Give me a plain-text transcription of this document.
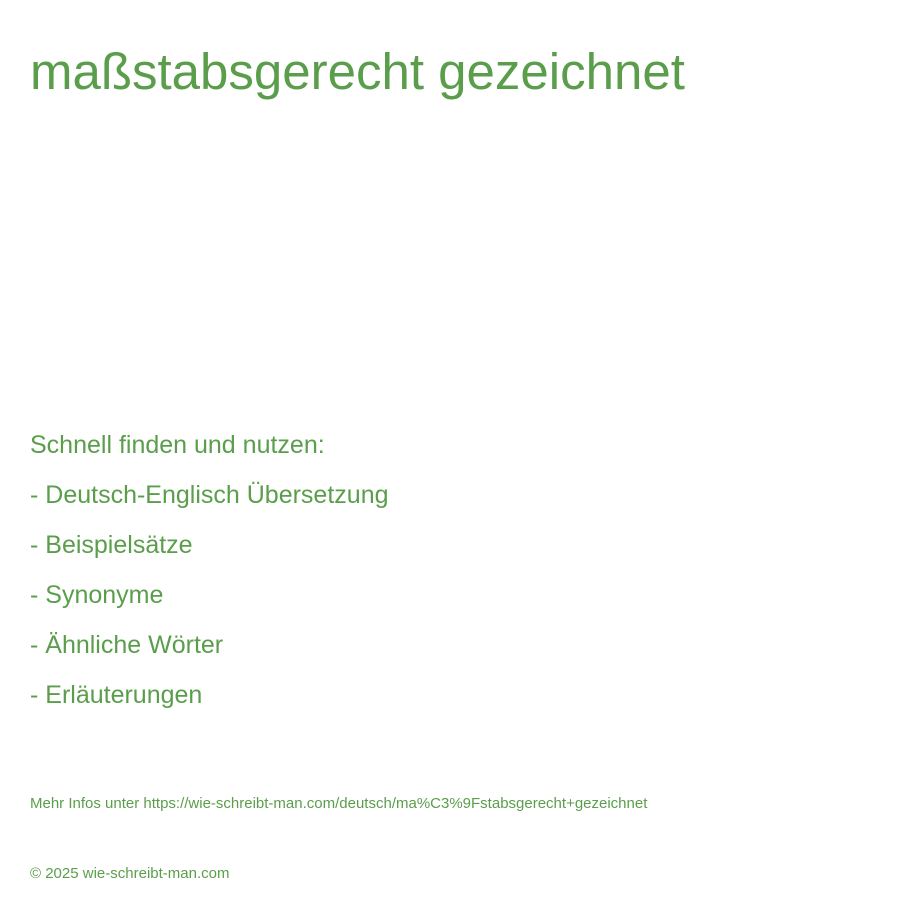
maßstabsgerecht gezeichnet
Schnell finden und nutzen:
- Deutsch-Englisch Übersetzung
- Beispielsätze
- Synonyme
- Ähnliche Wörter
- Erläuterungen
Mehr Infos unter https://wie-schreibt-man.com/deutsch/ma%C3%9Fstabsgerecht+gezeichnet
© 2025 wie-schreibt-man.com
